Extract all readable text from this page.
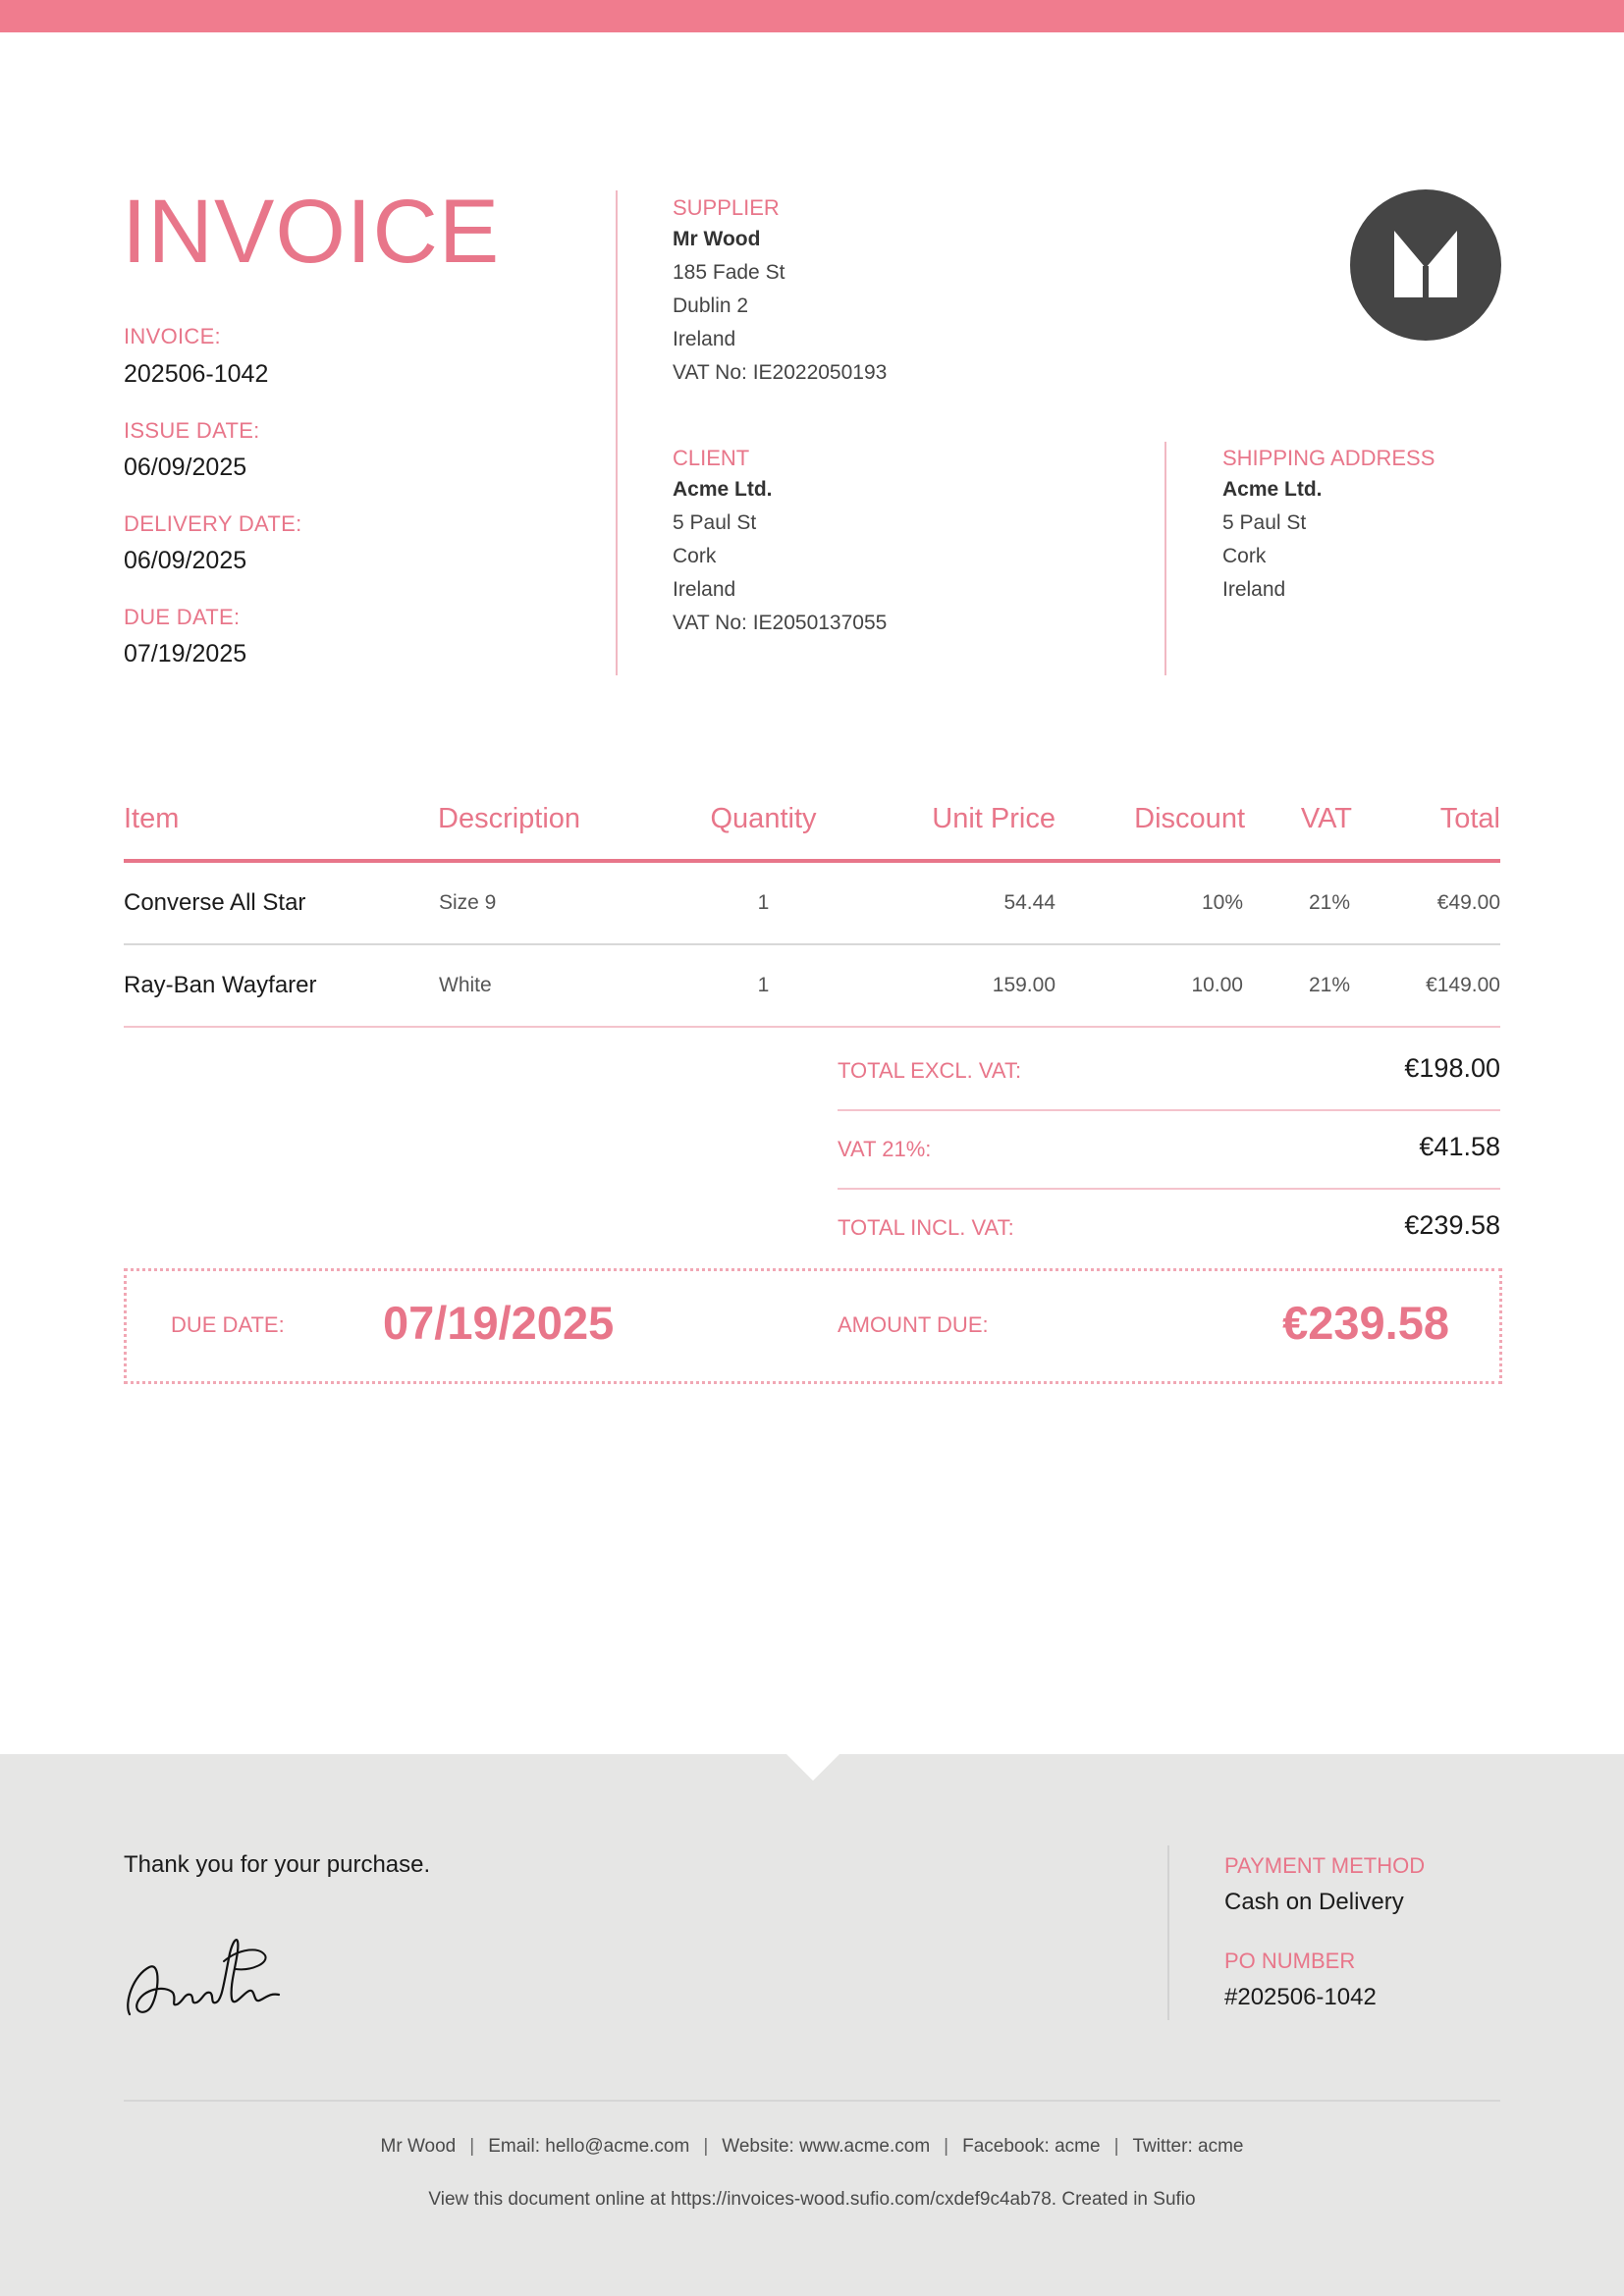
INVOICE
INVOICE:
202506-1042
ISSUE DATE:
06/09/2025
DELIVERY DATE:
06/09/2025
DUE DATE:
07/19/2025
SUPPLIER
Mr Wood
185 Fade St
Dublin 2
Ireland
VAT No: IE2022050193
CLIENT
Acme Ltd.
5 Paul St
Cork
Ireland
VAT No: IE2050137055
SHIPPING ADDRESS
Acme Ltd.
5 Paul St
Cork
Ireland
Item	Description	Quantity	Unit Price	Discount	VAT	Total
Converse All Star	Size 9	1	54.44	10%	21%	€49.00
Ray-Ban Wayfarer	White	1	159.00	10.00	21%	€149.00
TOTAL EXCL. VAT:	€198.00
VAT 21%:	€41.58
TOTAL INCL. VAT:	€239.58
DUE DATE: 07/19/2025	AMOUNT DUE:	€239.58
Thank you for your purchase.	PAYMENT METHOD
Cash on Delivery
PO NUMBER
#202506-1042
Mr Wood | Email: hello@acme.com | Website: www.acme.com | Facebook: acme | Twitter: acme
View this document online at https://invoices-wood.sufio.com/cxdef9c4ab78. Created in Sufio
